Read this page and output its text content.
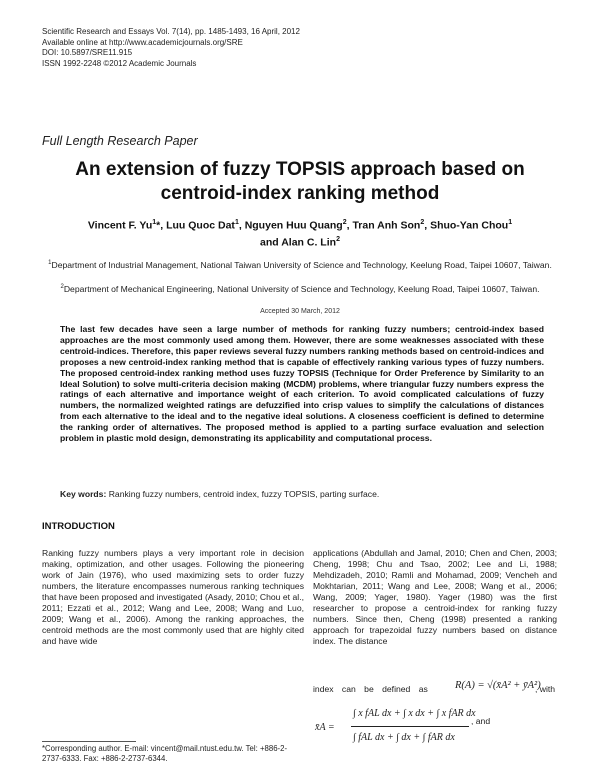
Scientific Research and Essays Vol. 7(14), pp. 1485-1493, 16 April, 2012
Available online at http://www.academicjournals.org/SRE
DOI: 10.5897/SRE11.915
ISSN 1992-2248 ©2012 Academic Journals
Full Length Research Paper
An extension of fuzzy TOPSIS approach based on centroid-index ranking method
Vincent F. Yu$^1$*, Luu Quoc Dat$^1$, Nguyen Huu Quang$^2$, Tran Anh Son$^2$, Shuo-Yan Chou$^1$
and Alan C. Lin$^2$
$^1$Department of Industrial Management, National Taiwan University of Science and Technology, Keelung Road, Taipei 10607, Taiwan.
$^2$Department of Mechanical Engineering, National University of Science and Technology, Keelung Road, Taipei 10607, Taiwan.
Accepted 30 March, 2012
The last few decades have seen a large number of methods for ranking fuzzy numbers; centroid-index based approaches are the most commonly used among them. However, there are some weaknesses associated with these centroid-indices. Therefore, this paper reviews several fuzzy numbers ranking methods based on centroid-indices and proposes a new centroid-index ranking method that is capable of effectively ranking various types of fuzzy numbers. The proposed centroid-index ranking method uses fuzzy TOPSIS (Technique for Order Preference by Similarity to an Ideal Solution) to solve multi-criteria decision making (MCDM) problems, where triangular fuzzy numbers express the ratings of each alternative and importance weight of each criterion. To avoid complicated calculations of fuzzy numbers, the normalized weighted ratings are defuzzified into crisp values to simplify the calculations of distances from each alternative to the ideal and to the negative ideal solutions. A closeness coefficient is defined to determine the ranking order of alternatives. The proposed method is applied to a parting surface evaluation and selection problem in plastic mold design, demonstrating its applicability and computational process.
Key words: Ranking fuzzy numbers, centroid index, fuzzy TOPSIS, parting surface.
INTRODUCTION
Ranking fuzzy numbers plays a very important role in decision making, optimization, and other usages. Following the pioneering work of Jain (1976), who used maximizing sets to order fuzzy numbers, the literature encompasses numerous ranking techniques that have been proposed and investigated (Asady, 2010; Chou et al., 2011; Ezzati et al., 2012; Wang and Lee, 2008; Wang and Luo, 2009; Wang et al., 2006). Among the ranking approaches, the centroid methods are the most commonly used that are highly cited and have wide
applications (Abdullah and Jamal, 2010; Chen and Chen, 2003; Cheng, 1998; Chu and Tsao, 2002; Lee and Li, 1988; Mehdizadeh, 2010; Ramli and Mohamad, 2009; Vencheh and Mokhtarian, 2011; Wang and Lee, 2008; Wang et al., 2006; Wang, 2009; Yager, 1980). Yager (1980) was the first researcher to propose a centroid-index for ranking fuzzy numbers. Since then, Cheng (1998) presented a ranking approach for trapezoidal fuzzy numbers based on distance index. The distance
index can be defined as	R(A) = √(x̄A² + ȳA²)
, with
x̄A =
∫ x fAL dx + ∫ x dx + ∫ x fAR dx
∫ fAL dx + ∫ dx + ∫ fAR dx
, and
*Corresponding author. E-mail: vincent@mail.ntust.edu.tw. Tel: +886-2-2737-6333. Fax: +886-2-2737-6344.
